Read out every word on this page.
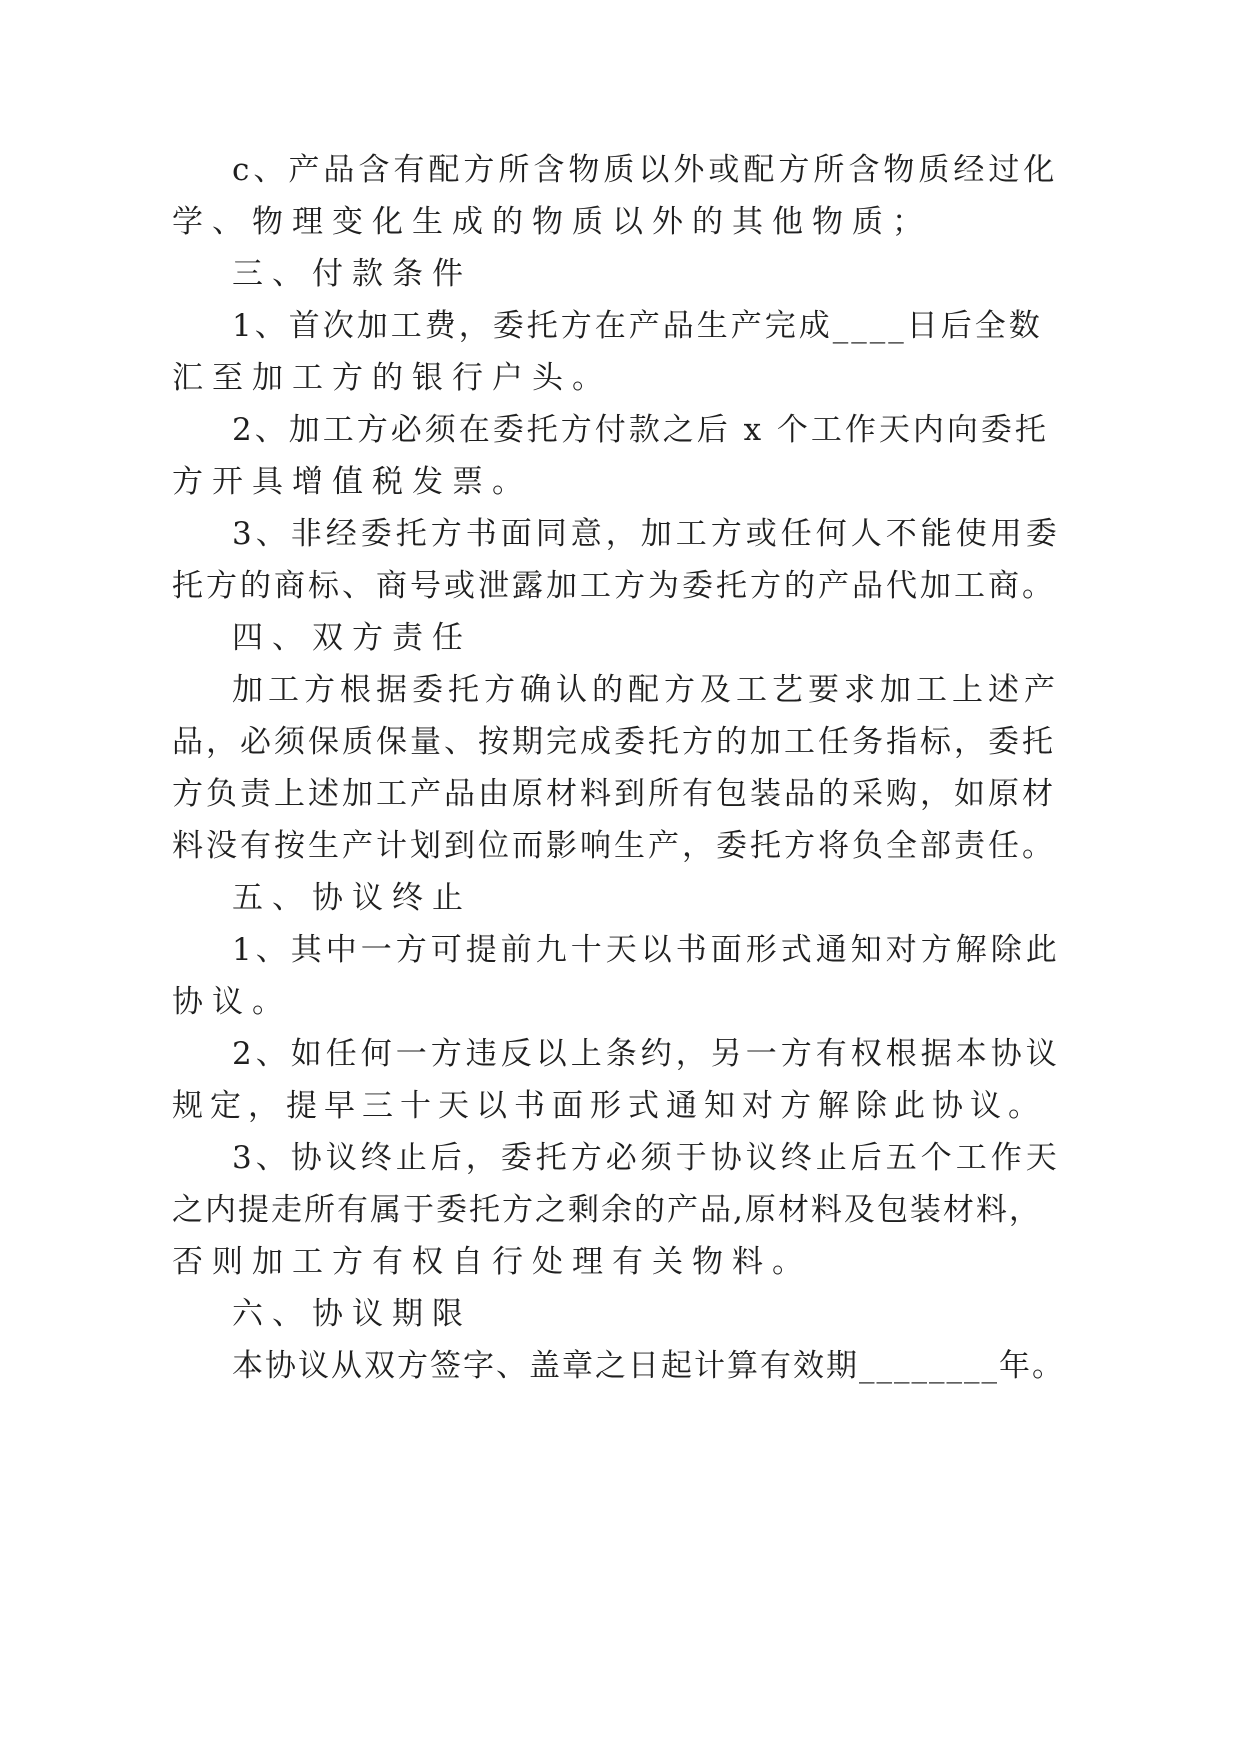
c、产品含有配方所含物质以外或配方所含物质经过化
学、物理变化生成的物质以外的其他物质；
三、付款条件
1、首次加工费，委托方在产品生产完成____日后全数
汇至加工方的银行户头。
2、加工方必须在委托方付款之后 x 个工作天内向委托
方开具增值税发票。
3、非经委托方书面同意，加工方或任何人不能使用委
托方的商标、商号或泄露加工方为委托方的产品代加工商。
四、双方责任
加工方根据委托方确认的配方及工艺要求加工上述产
品，必须保质保量、按期完成委托方的加工任务指标，委托
方负责上述加工产品由原材料到所有包装品的采购，如原材
料没有按生产计划到位而影响生产，委托方将负全部责任。
五、协议终止
1、其中一方可提前九十天以书面形式通知对方解除此
协议。
2、如任何一方违反以上条约，另一方有权根据本协议
规定，提早三十天以书面形式通知对方解除此协议。
3、协议终止后，委托方必须于协议终止后五个工作天
之内提走所有属于委托方之剩余的产品,原材料及包装材料，
否则加工方有权自行处理有关物料。
六、协议期限
本协议从双方签字、盖章之日起计算有效期________年。
